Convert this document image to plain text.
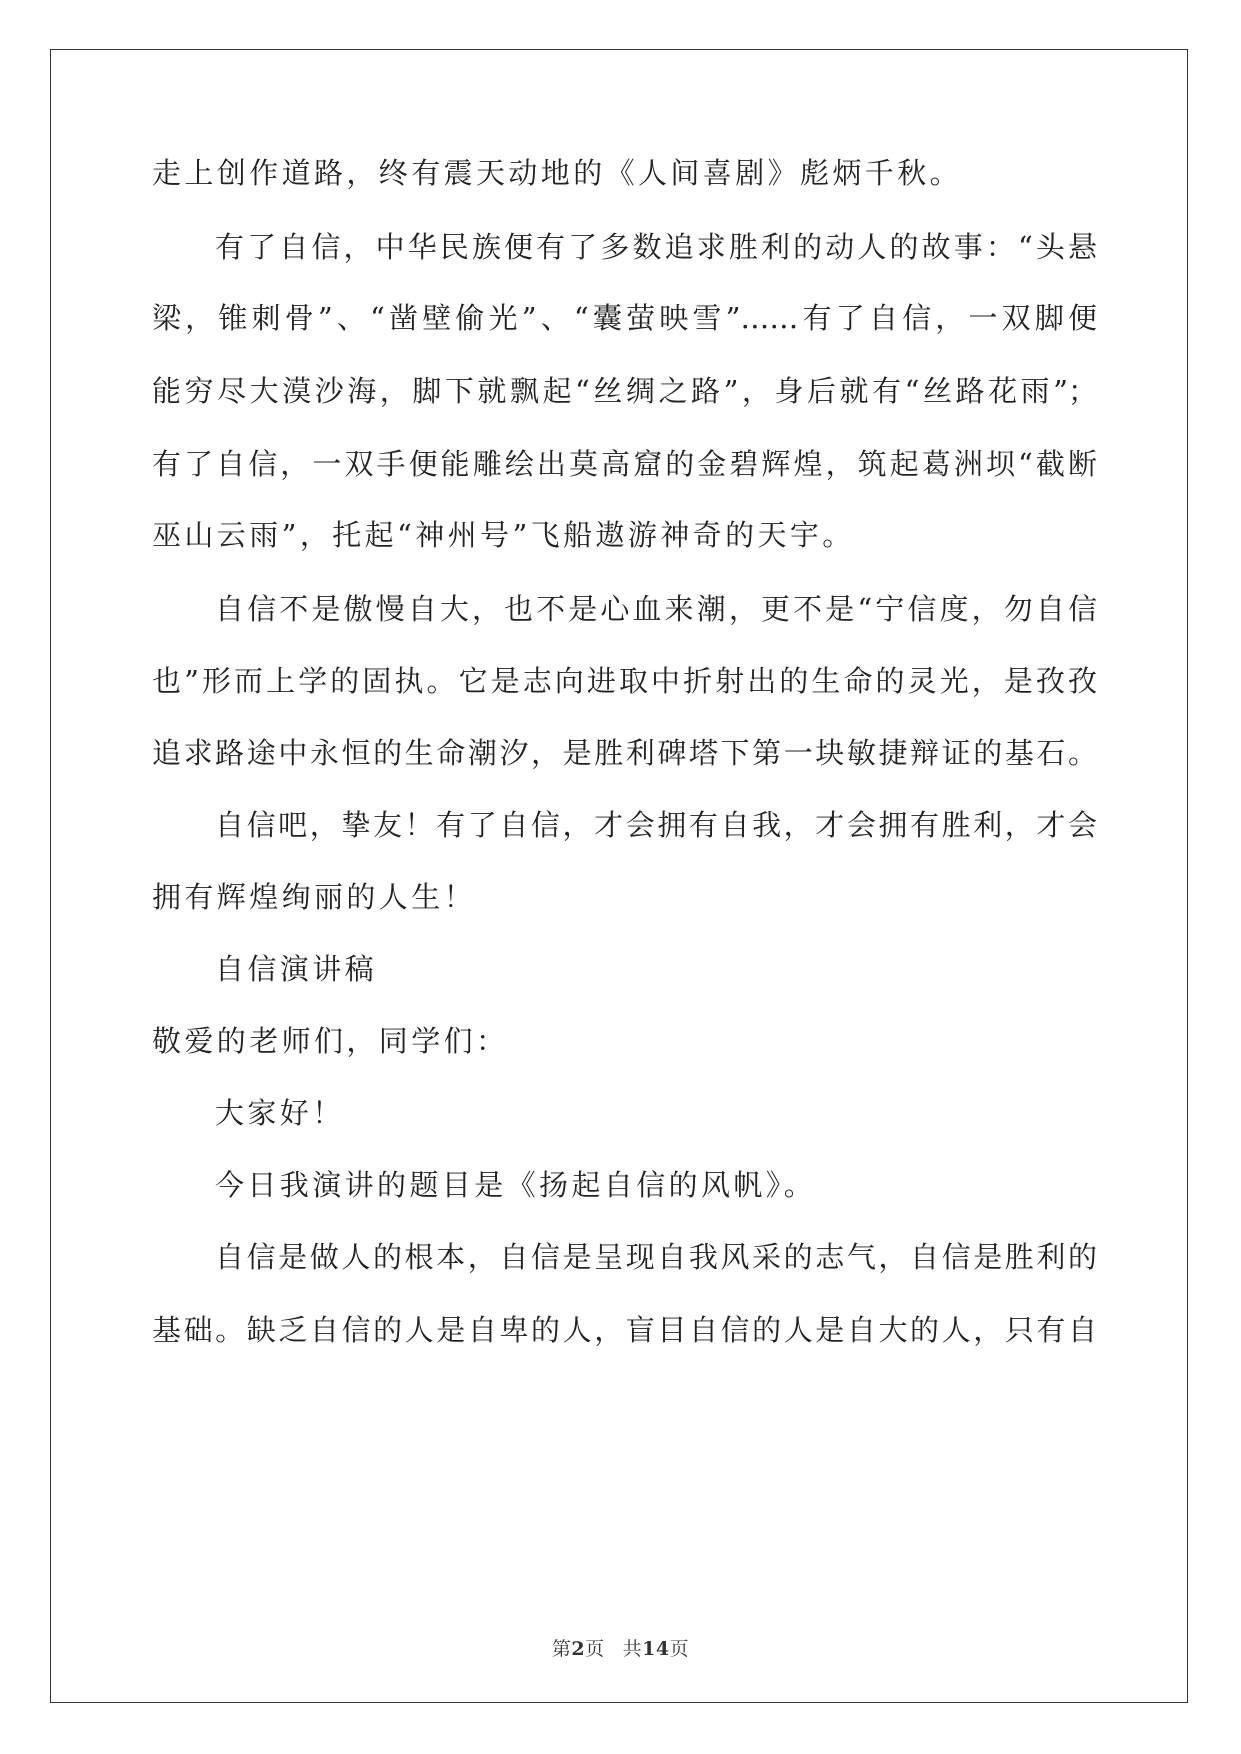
走上创作道路，终有震天动地的《人间喜剧》彪炳千秋。
有了自信，中华民族便有了多数追求胜利的动人的故事：“头悬
梁，锥刺骨”、“凿壁偷光”、“囊萤映雪”……有了自信，一双脚便
能穷尽大漠沙海，脚下就飘起“丝绸之路”，身后就有“丝路花雨”；
有了自信，一双手便能雕绘出莫高窟的金碧辉煌，筑起葛洲坝“截断
巫山云雨”，托起“神州号”飞船遨游神奇的天宇。
自信不是傲慢自大，也不是心血来潮，更不是“宁信度，勿自信
也”形而上学的固执。它是志向进取中折射出的生命的灵光，是孜孜
追求路途中永恒的生命潮汐，是胜利碑塔下第一块敏捷辩证的基石。
自信吧，挚友！有了自信，才会拥有自我，才会拥有胜利，才会
拥有辉煌绚丽的人生！
自信演讲稿
敬爱的老师们，同学们：
大家好！
今日我演讲的题目是《扬起自信的风帆》。
自信是做人的根本，自信是呈现自我风采的志气，自信是胜利的
基础。缺乏自信的人是自卑的人，盲目自信的人是自大的人，只有自
第2页 共14页
